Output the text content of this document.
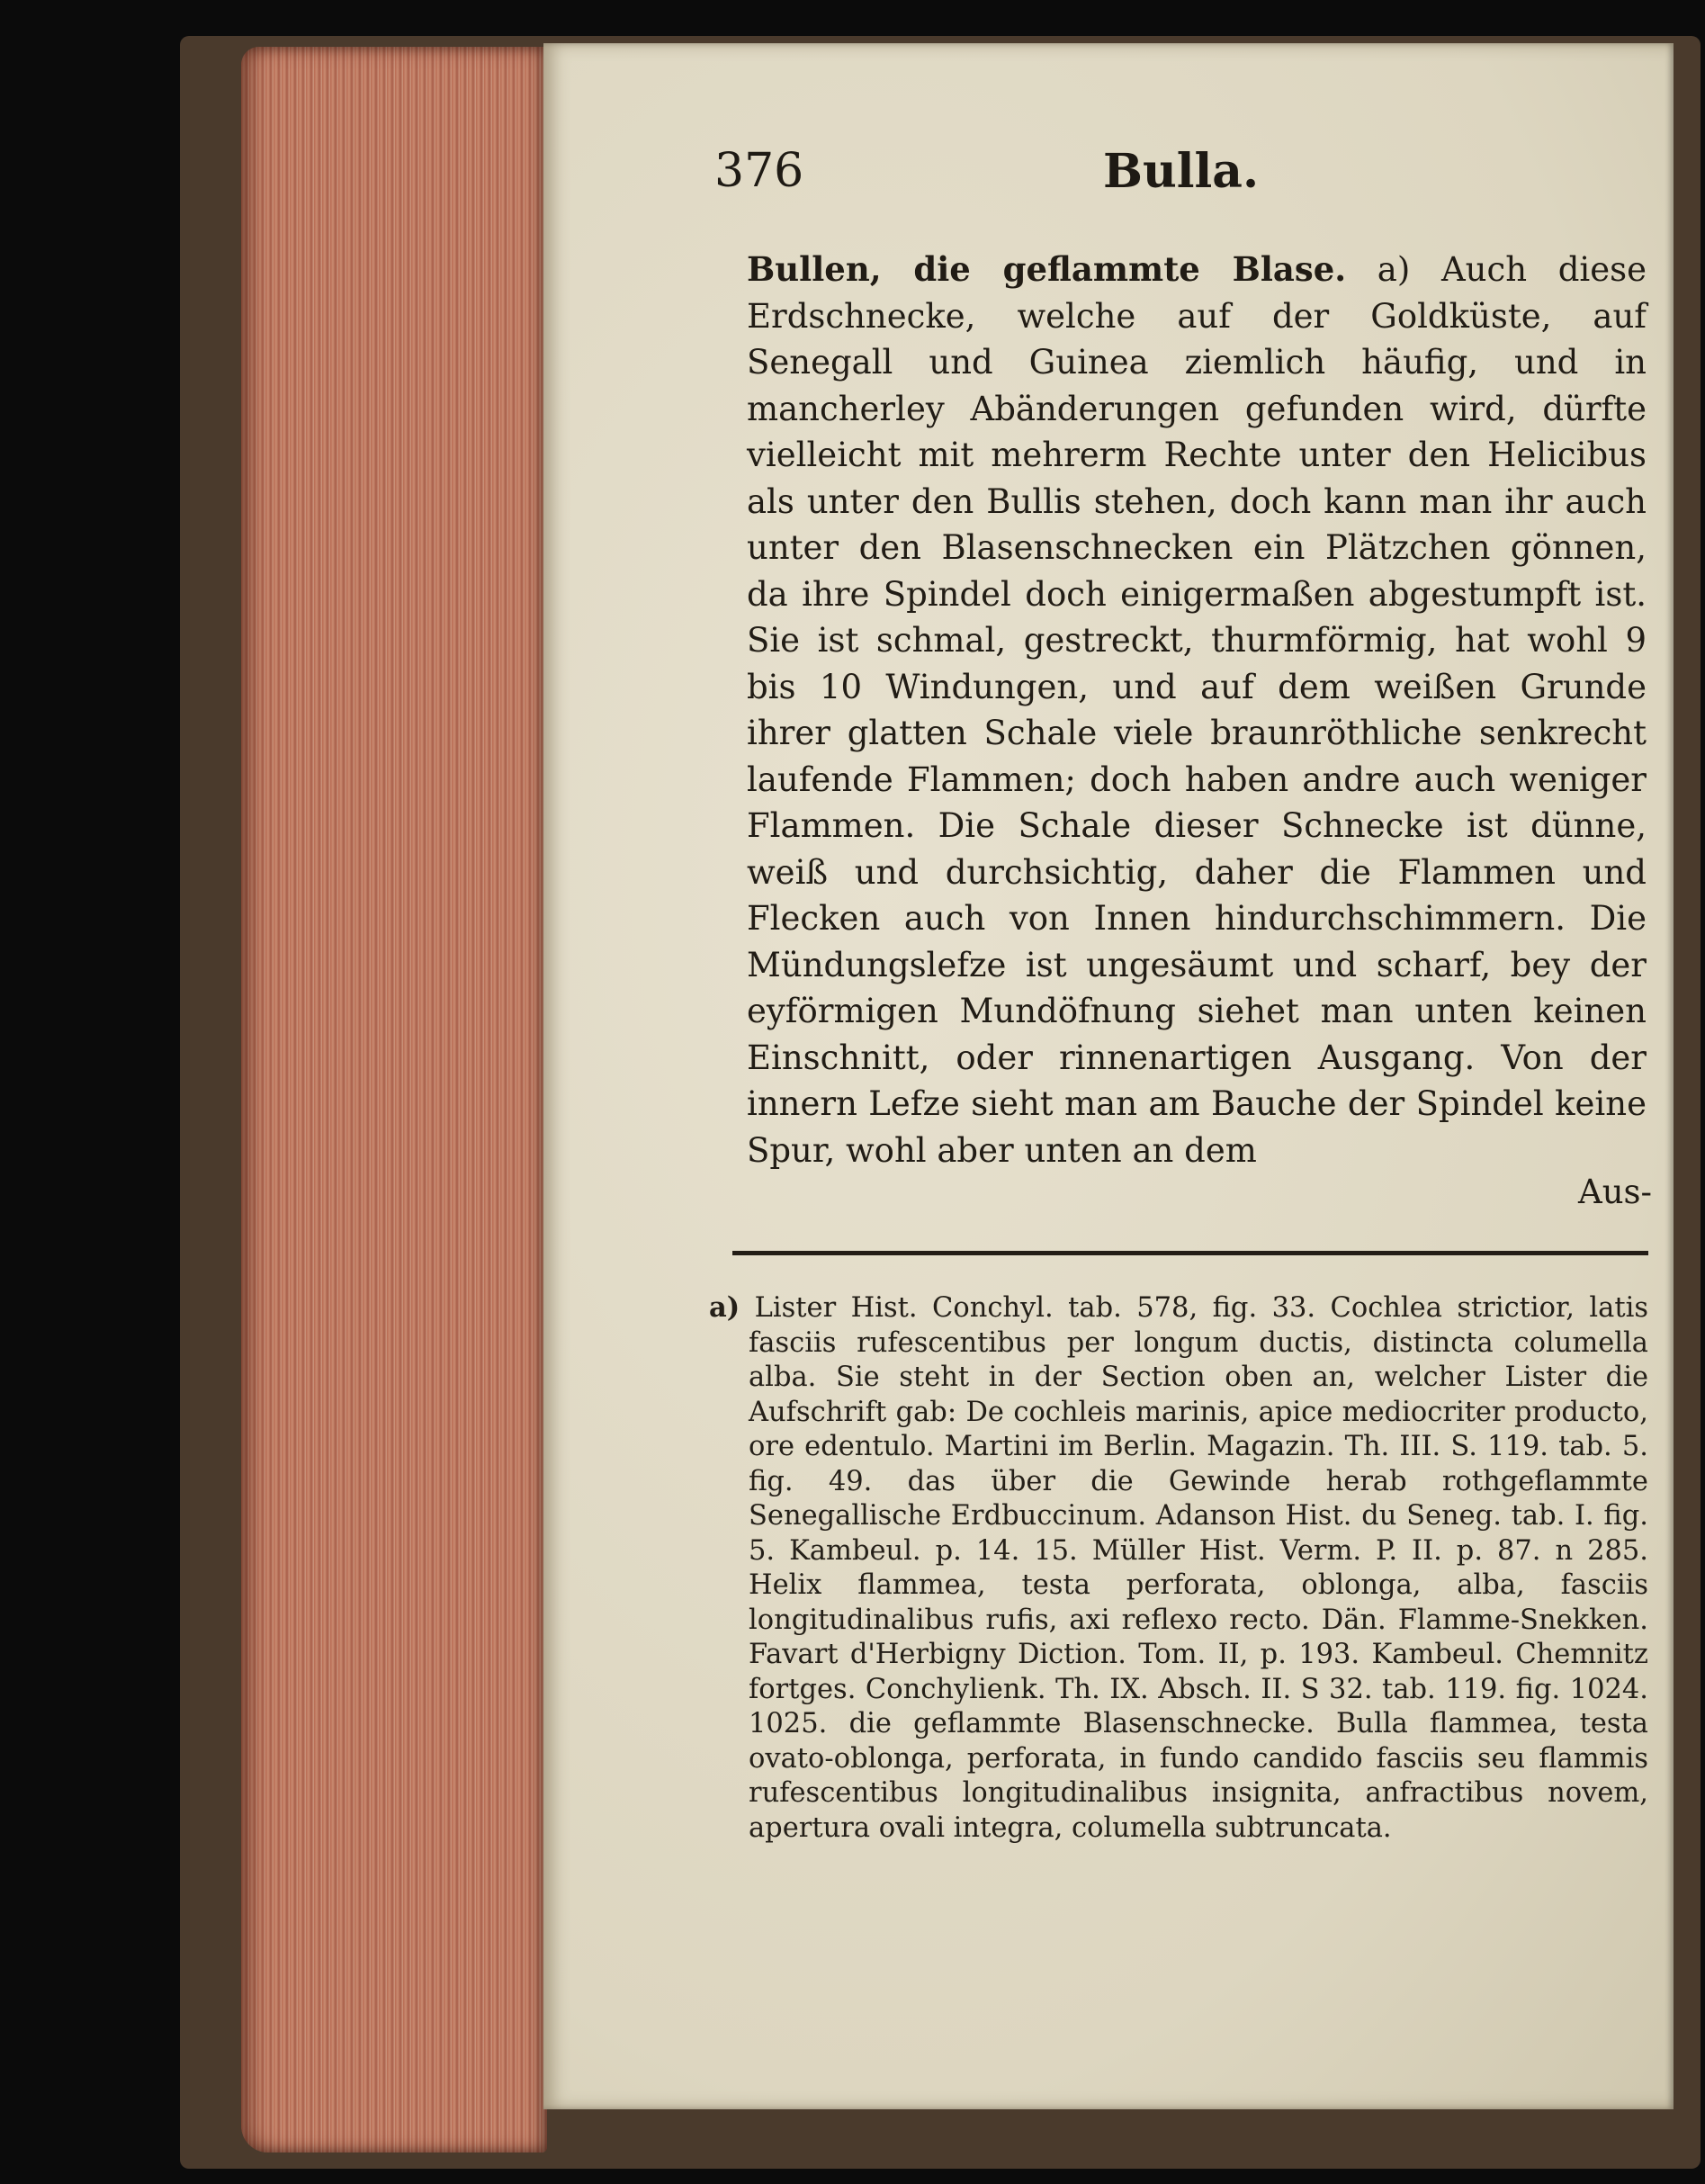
376	Bulla.

Bullen, die geflammte Blase. a) Auch diese Erdschnecke, welche auf der Goldküste, auf Senegall und Guinea ziemlich häufig, und in mancherley Abänderungen gefunden wird, dürfte vielleicht mit mehrerm Rechte unter den Helicibus als unter den Bullis stehen, doch kann man ihr auch unter den Blasenschnecken ein Plätzchen gönnen, da ihre Spindel doch einigermaßen abgestumpft ist. Sie ist schmal, gestreckt, thurmförmig, hat wohl 9 bis 10 Windungen, und auf dem weißen Grunde ihrer glatten Schale viele braunröthliche senkrecht laufende Flammen; doch haben andre auch weniger Flammen. Die Schale dieser Schnecke ist dünne, weiß und durchsichtig, daher die Flammen und Flecken auch von Innen hindurchschimmern. Die Mündungslefze ist ungesäumt und scharf, bey der eyförmigen Mundöfnung siehet man unten keinen Einschnitt, oder rinnenartigen Ausgang. Von der innern Lefze sieht man am Bauche der Spindel keine Spur, wohl aber unten an dem

Aus-

a) Lister Hist. Conchyl. tab. 578, fig. 33. Cochlea strictior, latis fasciis rufescentibus per longum ductis, distincta columella alba. Sie steht in der Section oben an, welcher Lister die Aufschrift gab: De cochleis marinis, apice mediocriter producto, ore edentulo. Martini im Berlin. Magazin. Th. III. S. 119. tab. 5. fig. 49. das über die Gewinde herab rothgeflammte Senegallische Erdbuccinum. Adanson Hist. du Seneg. tab. I. fig. 5. Kambeul. p. 14. 15. Müller Hist. Verm. P. II. p. 87. n 285. Helix flammea, testa perforata, oblonga, alba, fasciis longitudinalibus rufis, axi reflexo recto. Dän. Flamme-Snekken. Favart d'Herbigny Diction. Tom. II, p. 193. Kambeul. Chemnitz fortges. Conchylienk. Th. IX. Absch. II. S 32. tab. 119. fig. 1024. 1025. die geflammte Blasenschnecke. Bulla flammea, testa ovato-oblonga, perforata, in fundo candido fasciis seu flammis rufescentibus longitudinalibus insignita, anfractibus novem, apertura ovali integra, columella subtruncata.
